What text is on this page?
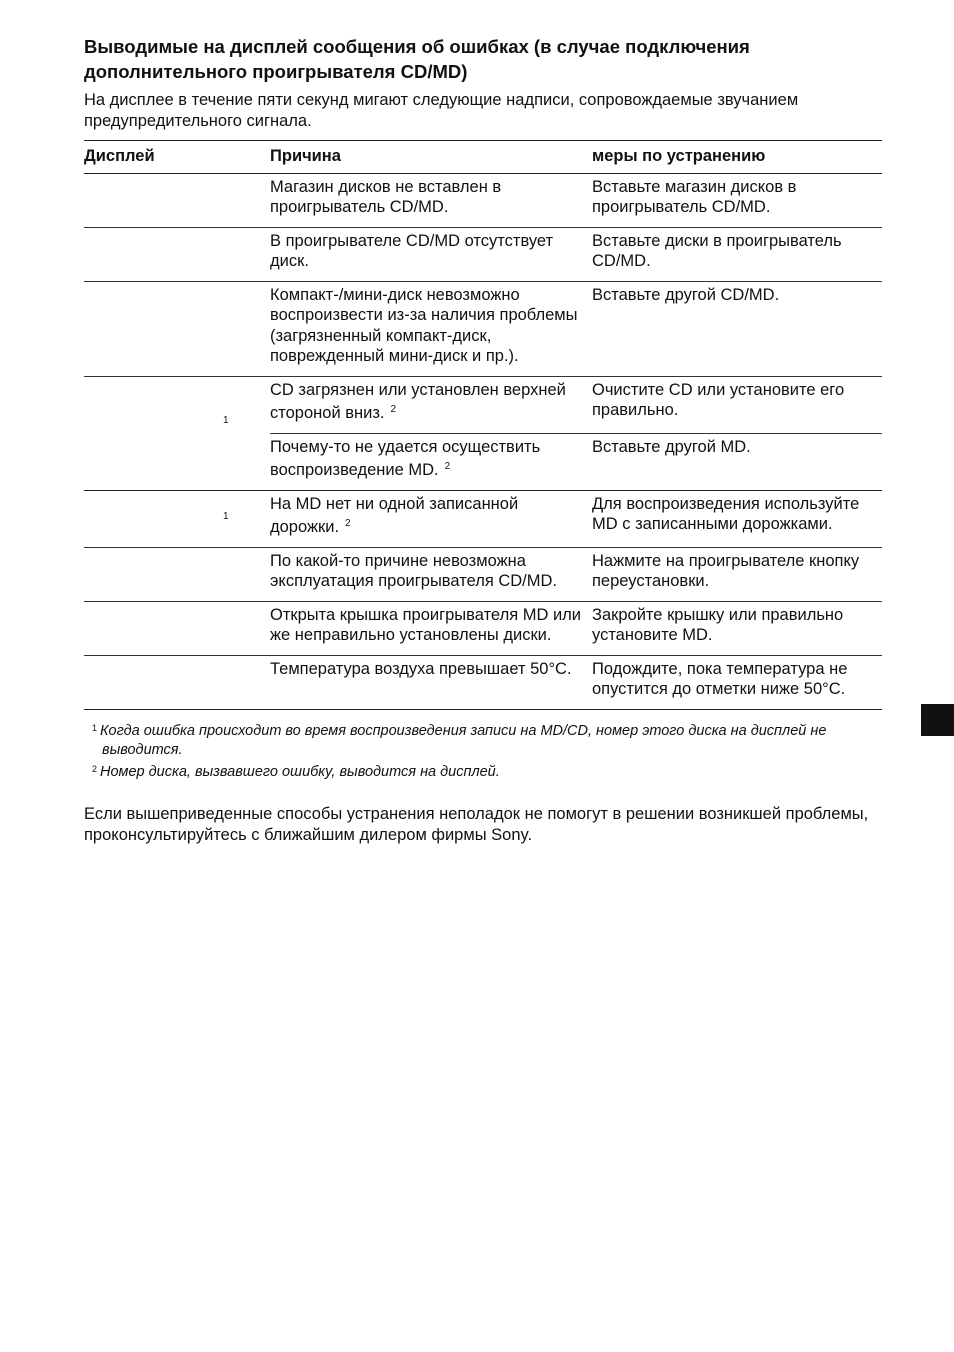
Выводимые на дисплей сообщения об ошибках (в случае подключения дополнительного проигрывателя CD/MD)

На дисплее в течение пяти секунд мигают следующие надписи, сопровождаемые звучанием предупредительного сигнала.

Дисплей	Причина	меры по устранению
	Магазин дисков не вставлен в проигрыватель CD/MD.	Вставьте магазин дисков в проигрыватель CD/MD.
	В проигрывателе CD/MD отсутствует диск.	Вставьте диски в проигрыватель CD/MD.
	Компакт-/мини-диск невозможно воспроизвести из-за наличия проблемы (загрязненный компакт-диск, поврежденный мини-диск и пр.).	Вставьте другой CD/MD.

1	CD загрязнен или установлен верхней стороной вниз. $^2$	Очистите CD или установите его правильно.
	Почему-то не удается осуществить воспроизведение MD. $^2$	Вставьте другой MD.

1	На MD нет ни одной записанной дорожки. $^2$	Для воспроизведения используйте MD с записанными дорожками.
	По какой-то причине невозможна эксплуатация проигрывателя CD/MD.	Нажмите на проигрывателе кнопку переустановки.
	Открыта крышка проигрывателя MD или же неправильно установлены диски.	Закройте крышку или правильно установите MD.
	Температура воздуха превышает 50°C.	Подождите, пока температура не опустится до отметки ниже 50°C.
$^1$ Когда ошибка происходит во время воспроизведения записи на MD/CD, номер этого диска на дисплей не выводится.
$^2$ Номер диска, вызвавшего ошибку, выводится на дисплей.

Если вышеприведенные способы устранения неполадок не помогут в решении возникшей проблемы, проконсультируйтесь с ближайшим дилером фирмы Sony.
